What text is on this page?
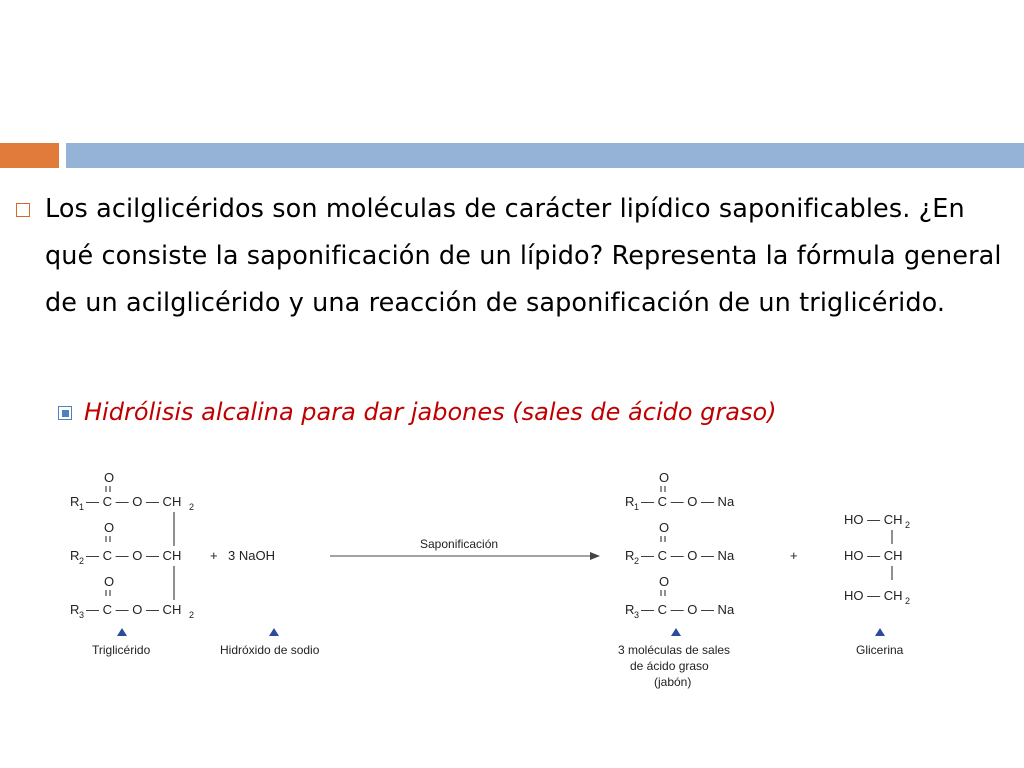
Los acilglicéridos son moléculas de carácter lipídico saponificables. ¿En qué consiste la saponificación de un lípido? Representa la fórmula general de un acilglicérido y una reacción de saponificación de un triglicérido.
Hidrólisis alcalina para dar jabones (sales de ácido graso)
O
R 1 — C — O — CH 2
O
R 2 — C — O — CH
O
R 3 — C — O — CH 2
+ 3 NaOH
Saponificación
O
R 1 — C — O — Na
O
R 2 — C — O — Na
O
R 3 — C — O — Na
+
HO — CH 2
HO — CH
HO — CH 2
Triglicérido	Hidróxido de sodio	3 moléculas de sales
de ácido graso
(jabón)
Glicerina
